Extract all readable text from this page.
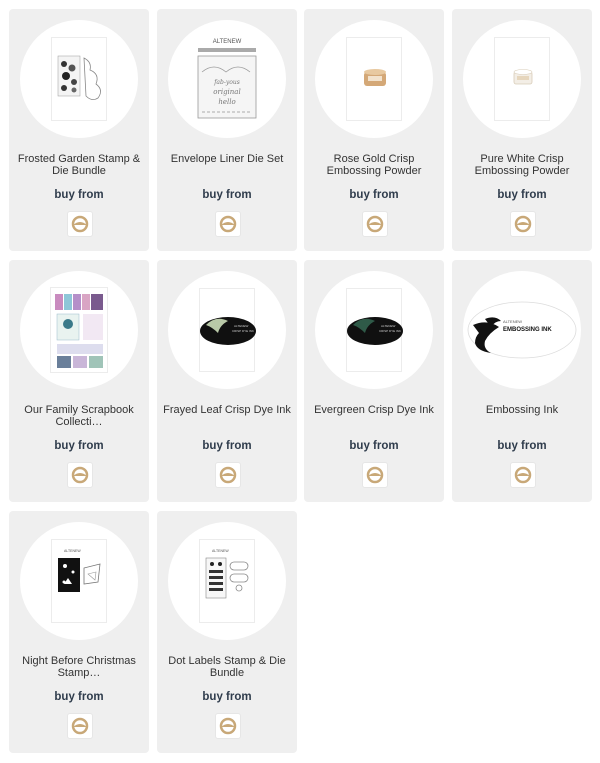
Frosted Garden Stamp & Die Bundle
buy from
ALTENEW
fab-yous
original
hello
Envelope Liner Die Set
buy from
Rose Gold Crisp Embossing Powder
buy from
Pure White Crisp Embossing Powder
buy from
Our Family Scrapbook Collecti…
buy from
ALTENEW
CRISP DYE INK
Frayed Leaf Crisp Dye Ink
buy from
ALTENEW
CRISP DYE INK
Evergreen Crisp Dye Ink
buy from
ALTENEW
EMBOSSING INK
Embossing Ink
buy from
ALTENEW
Night Before Christmas Stamp…
buy from
ALTENEW
Dot Labels Stamp & Die Bundle
buy from
